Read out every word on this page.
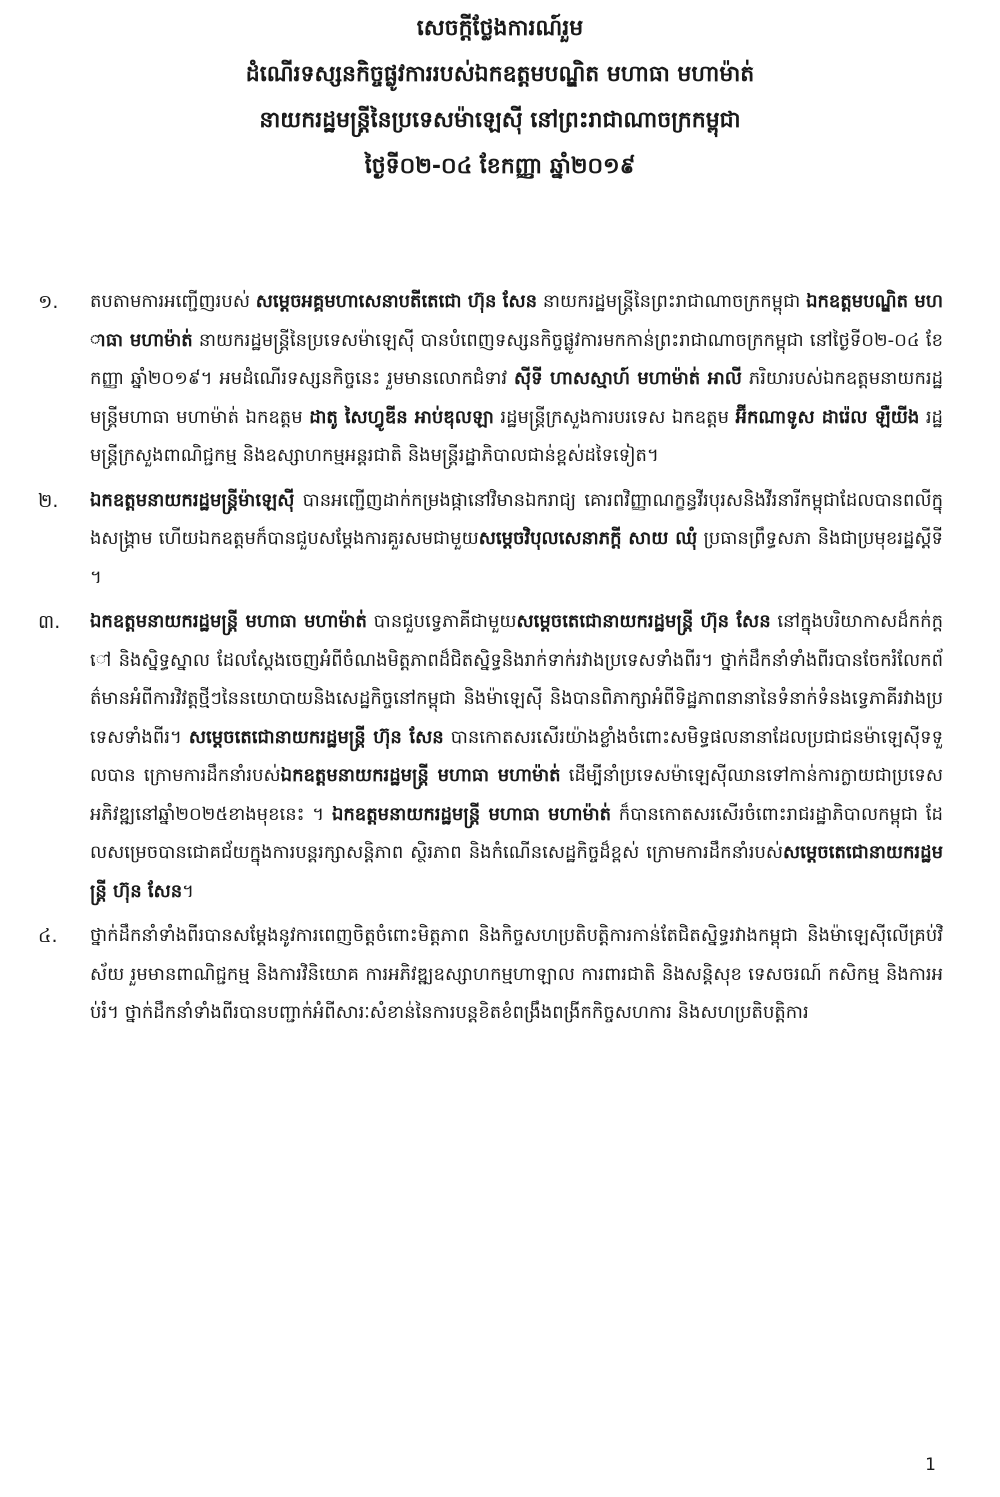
សេចក្តីថ្លែងការណ៍រួម
ដំណើរទស្សនកិច្ចផ្លូវការរបស់ឯកឧត្តមបណ្ឌិត មហាធា មហាម៉ាត់
នាយករដ្ឋមន្ត្រីនៃប្រទេសម៉ាឡេស៊ី នៅព្រះរាជាណាចក្រកម្ពុជា
ថ្ងៃទី០២-០៤ ខែកញ្ញា ឆ្នាំ២០១៩
១.	តបតាមការអញ្ជើញរបស់ សម្តេចអគ្គមហាសេនាបតីតេជោ ហ៊ុន សែន នាយករដ្ឋមន្ត្រីនៃព្រះរាជាណាចក្រកម្ពុជា ឯកឧត្តមបណ្ឌិត មហាធា មហាម៉ាត់ នាយករដ្ឋមន្ត្រីនៃប្រទេសម៉ាឡេស៊ី បានបំពេញទស្សនកិច្ចផ្លូវការមកកាន់ព្រះរាជាណាចក្រកម្ពុជា នៅថ្ងៃទី០២-០៤ ខែកញ្ញា ឆ្នាំ២០១៩។ អមដំណើរទស្សនកិច្ចនេះ រួមមានលោកជំទាវ ស៊ីទី ហាសស្មាហ៍ មហាម៉ាត់ អាលី ភរិយារបស់ឯកឧត្តមនាយករដ្ឋមន្ត្រីមហាធា មហាម៉ាត់ ឯកឧត្តម ដាតូ សៃហ្វូឌីន អាប់ឌុលឡា រដ្ឋមន្ត្រីក្រសួងការបរទេស ឯកឧត្តម អ៊ីកណាទូស ដារ៉េល ឡឺយីង រដ្ឋមន្ត្រីក្រសួងពាណិជ្ជកម្ម និងឧស្សាហកម្មអន្តរជាតិ និងមន្ត្រីរដ្ឋាភិបាលជាន់ខ្ពស់ដទៃទៀត។
២.	ឯកឧត្តមនាយករដ្ឋមន្ត្រីម៉ាឡេស៊ី បានអញ្ជើញដាក់កម្រងផ្កានៅវិមានឯករាជ្យ គោរពវិញ្ញាណក្ខន្ធវីរបុរសនិងវីរនារីកម្ពុជាដែលបានពលីក្នុងសង្គ្រាម ហើយឯកឧត្តមក៏បានជួបសម្តែងការគួរសមជាមួយសម្តេចវិបុលសេនាភក្តី សាយ ឈុំ ប្រធានព្រឹទ្ធសភា និងជាប្រមុខរដ្ឋស្តីទី។
៣.	ឯកឧត្តមនាយករដ្ឋមន្ត្រី មហាធា មហាម៉ាត់ បានជួបទ្វេភាគីជាមួយសម្តេចតេជោនាយករដ្ឋមន្ត្រី ហ៊ុន សែន នៅក្នុងបរិយាកាសដ៏កក់ក្តៅ និងស្និទ្ធស្នាល ដែលស្តែងចេញអំពីចំណងមិត្តភាពដ៏ជិតស្និទ្ធនិងរាក់ទាក់រវាងប្រទេសទាំងពីរ។ ថ្នាក់ដឹកនាំទាំងពីរបានចែករំលែកព័ត៌មានអំពីការវិវត្តថ្មីៗនៃនយោបាយនិងសេដ្ឋកិច្ចនៅកម្ពុជា និងម៉ាឡេស៊ី និងបានពិភាក្សាអំពីទិដ្ឋភាពនានានៃទំនាក់ទំនងទ្វេភាគីរវាងប្រទេសទាំងពីរ។ សម្តេចតេជោនាយករដ្ឋមន្ត្រី ហ៊ុន សែន បានកោតសរសើរយ៉ាងខ្លាំងចំពោះសមិទ្ធផលនានាដែលប្រជាជនម៉ាឡេស៊ីទទួលបាន ក្រោមការដឹកនាំរបស់ឯកឧត្តមនាយករដ្ឋមន្ត្រី មហាធា មហាម៉ាត់ ដើម្បីនាំប្រទេសម៉ាឡេស៊ីឈានទៅកាន់ការក្លាយជាប្រទេសអភិវឌ្ឍនៅឆ្នាំ២០២៥ខាងមុខនេះ ។ ឯកឧត្តមនាយករដ្ឋមន្ត្រី មហាធា មហាម៉ាត់ ក៏បានកោតសរសើរចំពោះរាជរដ្ឋាភិបាលកម្ពុជា ដែលសម្រេចបានជោគជ័យក្នុងការបន្តរក្សាសន្តិភាព ស្ថិរភាព និងកំណើនសេដ្ឋកិច្ចដ៏ខ្ពស់ ក្រោមការដឹកនាំរបស់សម្តេចតេជោនាយករដ្ឋមន្ត្រី ហ៊ុន សែន។
៤.	ថ្នាក់ដឹកនាំទាំងពីរបានសម្តែងនូវការពេញចិត្តចំពោះមិត្តភាព និងកិច្ចសហប្រតិបត្តិការកាន់តែជិតស្និទ្ធរវាងកម្ពុជា និងម៉ាឡេស៊ីលើគ្រប់វិស័យ រួមមានពាណិជ្ជកម្ម និងការវិនិយោគ ការអភិវឌ្ឍឧស្សាហកម្មហាឡាល ការពារជាតិ និងសន្តិសុខ ទេសចរណ៍ កសិកម្ម និងការអប់រំ។ ថ្នាក់ដឹកនាំទាំងពីរបានបញ្ជាក់អំពីសារៈសំខាន់នៃការបន្តខិតខំពង្រឹងពង្រីកកិច្ចសហការ និងសហប្រតិបត្តិការ
1
